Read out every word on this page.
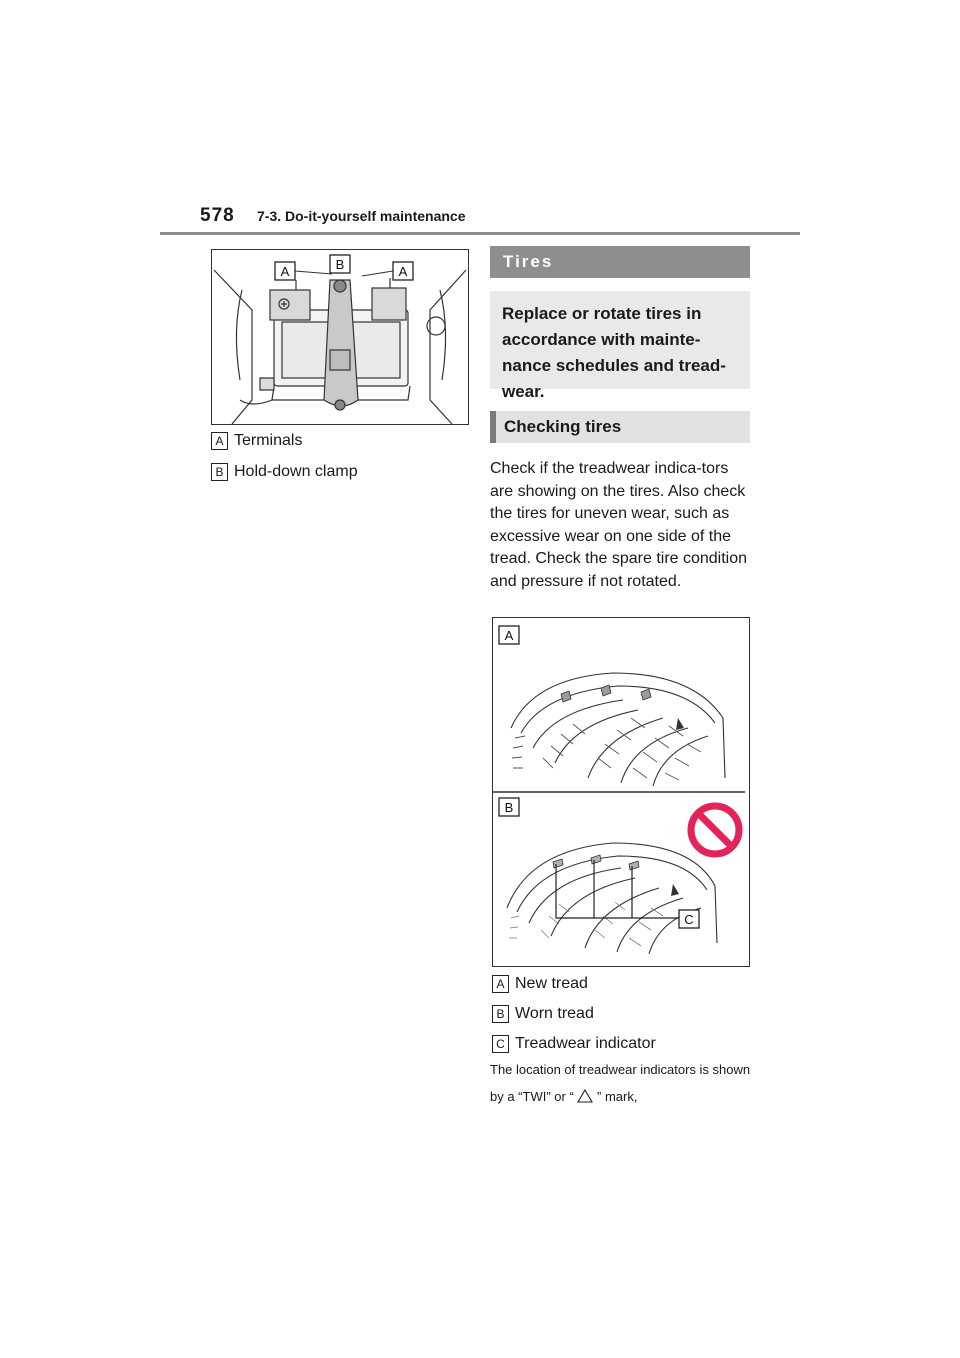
578 7-3. Do-it-yourself maintenance
A	B	A
A Terminals
B Hold-down clamp
Tires
Replace or rotate tires in accordance with mainte-nance schedules and tread-wear.
Checking tires
Check if the treadwear indica-tors are showing on the tires. Also check the tires for uneven wear, such as excessive wear on one side of the tread. Check the spare tire condition and pressure if not rotated.
A
B
C
A New tread
B Worn tread
C Treadwear indicator
The location of treadwear indicators is shown by a “TWI” or “ ” mark,
